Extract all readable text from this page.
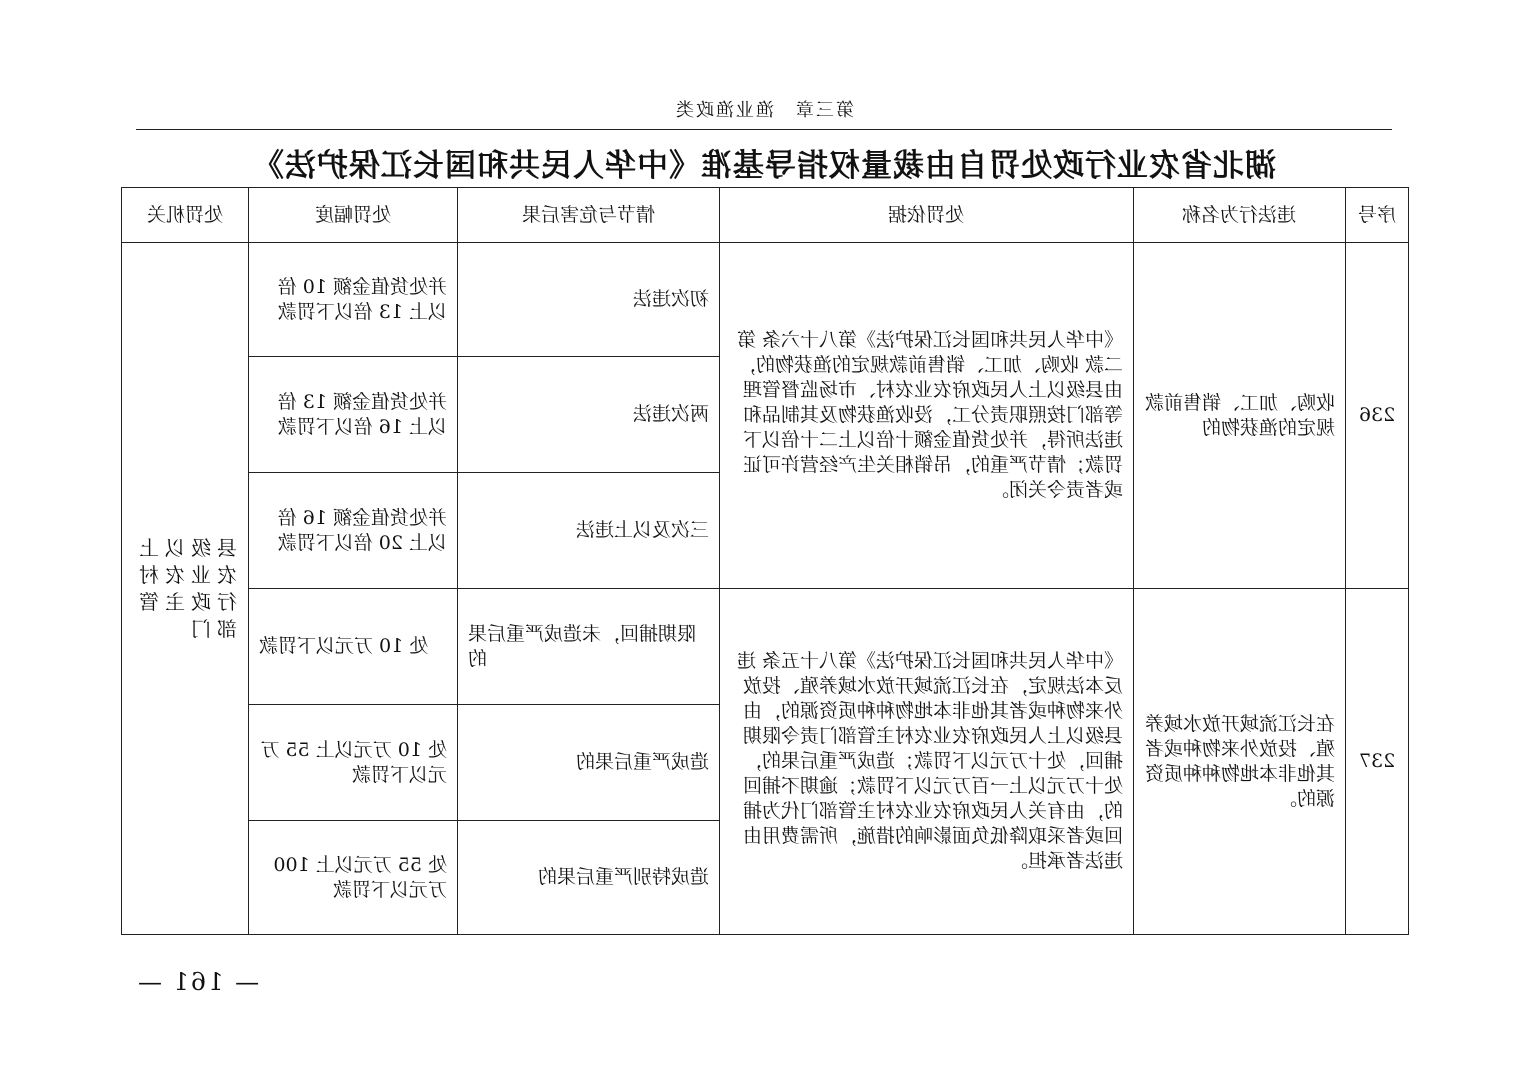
第三章　渔业渔政类
湖北省农业行政处罚自由裁量权指导基准《中华人民共和国长江保护法》
处罚机关	处罚幅度	情节与危害后果	处罚依据	违法行为名称	序号
县级以上农业农村行政主管部门	并处货值金额 10 倍以上 13 倍以下罚款	初次违法	《中华人民共和国长江保护法》第八十六条 第二款 收购、加工、销售前款规定的渔获物的，由县级以上人民政府农业农村、市场监督管理等部门按照职责分工，没收渔获物及其制品和违法所得，并处货值金额十倍以上二十倍以下罚款；情节严重的，吊销相关生产经营许可证或者责令关闭。	收购、加工、销售前款规定的渔获物的	236
	并处货值金额 13 倍以上 16 倍以下罚款	两次违法			
	并处货值金额 16 倍以上 20 倍以下罚款	三次及以上违法			
	处 10 万元以下罚款	限期捕回，未造成严重后果的	《中华人民共和国长江保护法》第八十五条 违反本法规定，在长江流域开放水域养殖、投放外来物种或者其他非本地物种种质资源的，由县级以上人民政府农业农村主管部门责令限期捕回，处十万元以下罚款；造成严重后果的，处十万元以上一百万元以下罚款；逾期不捕回的，由有关人民政府农业农村主管部门代为捕回或者采取降低负面影响的措施，所需费用由违法者承担。	在长江流域开放水域养殖、投放外来物种或者其他非本地物种种质资源的。	237
	处 10 万元以上 55 万元以下罚款	造成严重后果的			
	处 55 万元以上 100 万元以下罚款	造成特别严重后果的			
— 161 —
